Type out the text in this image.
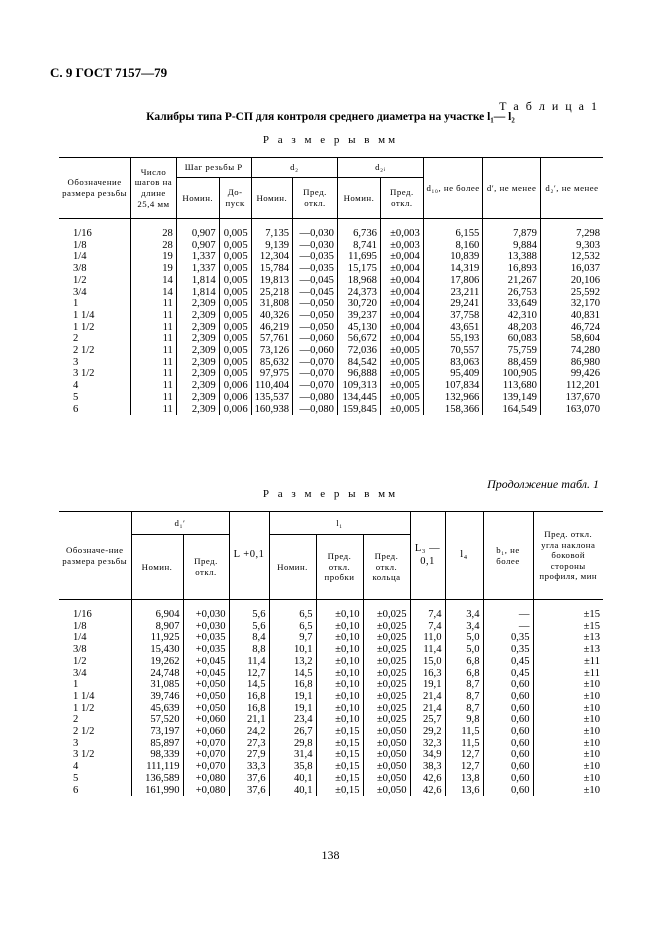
С. 9 ГОСТ 7157—79
Т а б л и ц а 1
Калибры типа Р-СП для контроля среднего диаметра на участке l₁— l₂
Р а з м е р ы в мм
Обозначение размера резьбы	Число шагов на длине 25,4 мм	Шаг резьбы P		d₂		d₂ᵢ		d₁₀, не более	d′, не менее	d₂′, не менее
		Номин.	До-пуск	Номин.	Пред. откл.	Номин.	Пред. откл.			
1/16	28	0,907	0,005	7,135	—0,030	6,736	±0,003	6,155	7,879	7,298
1/8	28	0,907	0,005	9,139	—0,030	8,741	±0,003	8,160	9,884	9,303
1/4	19	1,337	0,005	12,304	—0,035	11,695	±0,004	10,839	13,388	12,532
3/8	19	1,337	0,005	15,784	—0,035	15,175	±0,004	14,319	16,893	16,037
1/2	14	1,814	0,005	19,813	—0,045	18,968	±0,004	17,806	21,267	20,106
3/4	14	1,814	0,005	25,218	—0,045	24,373	±0,004	23,211	26,753	25,592
1	11	2,309	0,005	31,808	—0,050	30,720	±0,004	29,241	33,649	32,170
1 1/4	11	2,309	0,005	40,326	—0,050	39,237	±0,004	37,758	42,310	40,831
1 1/2	11	2,309	0,005	46,219	—0,050	45,130	±0,004	43,651	48,203	46,724
2	11	2,309	0,005	57,761	—0,060	56,672	±0,004	55,193	60,083	58,604
2 1/2	11	2,309	0,005	73,126	—0,060	72,036	±0,005	70,557	75,759	74,280
3	11	2,309	0,005	85,632	—0,070	84,542	±0,005	83,063	88,459	86,980
3 1/2	11	2,309	0,005	97,975	—0,070	96,888	±0,005	95,409	100,905	99,426
4	11	2,309	0,006	110,404	—0,070	109,313	±0,005	107,834	113,680	112,201
5	11	2,309	0,006	135,537	—0,080	134,445	±0,005	132,966	139,149	137,670
6	11	2,309	0,006	160,938	—0,080	159,845	±0,005	158,366	164,549	163,070
Продолжение табл. 1
Р а з м е р ы в мм
Обозначе-ние размера резьбы	d₁′		L +0,1	l₁			L₃ —0,1	l₄	b₁, не более	Пред. откл. угла наклона боковой стороны профиля, мин
	Номин.	Пред. откл.		Номин.	Пред. откл. пробки	Пред. откл. кольца				
1/16	6,904	+0,030	5,6	6,5	±0,10	±0,025	7,4	3,4	—	±15
1/8	8,907	+0,030	5,6	6,5	±0,10	±0,025	7,4	3,4	—	±15
1/4	11,925	+0,035	8,4	9,7	±0,10	±0,025	11,0	5,0	0,35	±13
3/8	15,430	+0,035	8,8	10,1	±0,10	±0,025	11,4	5,0	0,35	±13
1/2	19,262	+0,045	11,4	13,2	±0,10	±0,025	15,0	6,8	0,45	±11
3/4	24,748	+0,045	12,7	14,5	±0,10	±0,025	16,3	6,8	0,45	±11
1	31,085	+0,050	14,5	16,8	±0,10	±0,025	19,1	8,7	0,60	±10
1 1/4	39,746	+0,050	16,8	19,1	±0,10	±0,025	21,4	8,7	0,60	±10
1 1/2	45,639	+0,050	16,8	19,1	±0,10	±0,025	21,4	8,7	0,60	±10
2	57,520	+0,060	21,1	23,4	±0,10	±0,025	25,7	9,8	0,60	±10
2 1/2	73,197	+0,060	24,2	26,7	±0,15	±0,050	29,2	11,5	0,60	±10
3	85,897	+0,070	27,3	29,8	±0,15	±0,050	32,3	11,5	0,60	±10
3 1/2	98,339	+0,070	27,9	31,4	±0,15	±0,050	34,9	12,7	0,60	±10
4	111,119	+0,070	33,3	35,8	±0,15	±0,050	38,3	12,7	0,60	±10
5	136,589	+0,080	37,6	40,1	±0,15	±0,050	42,6	13,8	0,60	±10
6	161,990	+0,080	37,6	40,1	±0,15	±0,050	42,6	13,6	0,60	±10
138
